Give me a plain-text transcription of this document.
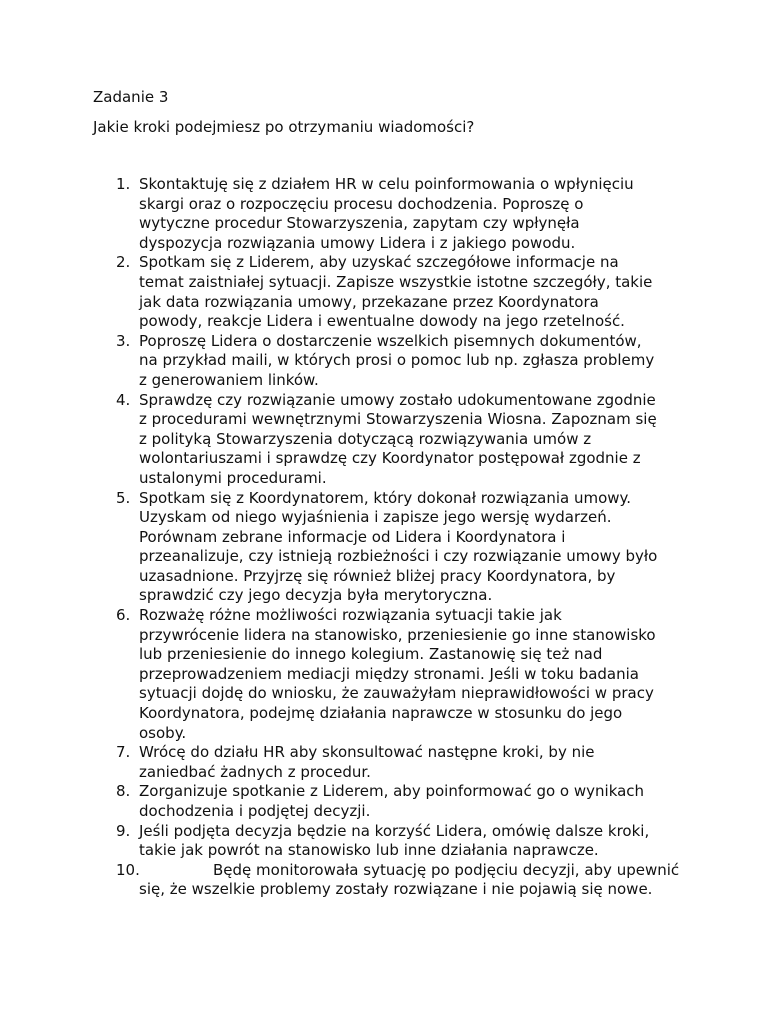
Zadanie 3
Jakie kroki podejmiesz po otrzymaniu wiadomości?
1. Skontaktuję się z działem HR w celu poinformowania o wpłynięciu
skargi oraz o rozpoczęciu procesu dochodzenia. Poproszę o
wytyczne procedur Stowarzyszenia, zapytam czy wpłynęła
dyspozycja rozwiązania umowy Lidera i z jakiego powodu.
2. Spotkam się z Liderem, aby uzyskać szczegółowe informacje na
temat zaistniałej sytuacji. Zapisze wszystkie istotne szczegóły, takie
jak data rozwiązania umowy, przekazane przez Koordynatora
powody, reakcje Lidera i ewentualne dowody na jego rzetelność.
3. Poproszę Lidera o dostarczenie wszelkich pisemnych dokumentów,
na przykład maili, w których prosi o pomoc lub np. zgłasza problemy
z generowaniem linków.
4. Sprawdzę czy rozwiązanie umowy zostało udokumentowane zgodnie
z procedurami wewnętrznymi Stowarzyszenia Wiosna. Zapoznam się
z polityką Stowarzyszenia dotyczącą rozwiązywania umów z
wolontariuszami i sprawdzę czy Koordynator postępował zgodnie z
ustalonymi procedurami.
5. Spotkam się z Koordynatorem, który dokonał rozwiązania umowy.
Uzyskam od niego wyjaśnienia i zapisze jego wersję wydarzeń.
Porównam zebrane informacje od Lidera i Koordynatora i
przeanalizuje, czy istnieją rozbieżności i czy rozwiązanie umowy było
uzasadnione. Przyjrzę się również bliżej pracy Koordynatora, by
sprawdzić czy jego decyzja była merytoryczna.
6. Rozważę różne możliwości rozwiązania sytuacji takie jak
przywrócenie lidera na stanowisko, przeniesienie go inne stanowisko
lub przeniesienie do innego kolegium. Zastanowię się też nad
przeprowadzeniem mediacji między stronami. Jeśli w toku badania
sytuacji dojdę do wniosku, że zauważyłam nieprawidłowości w pracy
Koordynatora, podejmę działania naprawcze w stosunku do jego
osoby.
7. Wrócę do działu HR aby skonsultować następne kroki, by nie
zaniedbać żadnych z procedur.
8. Zorganizuje spotkanie z Liderem, aby poinformować go o wynikach
dochodzenia i podjętej decyzji.
9. Jeśli podjęta decyzja będzie na korzyść Lidera, omówię dalsze kroki,
takie jak powrót na stanowisko lub inne działania naprawcze.
10.	Będę monitorowała sytuację po podjęciu decyzji, aby upewnić
się, że wszelkie problemy zostały rozwiązane i nie pojawią się nowe.
